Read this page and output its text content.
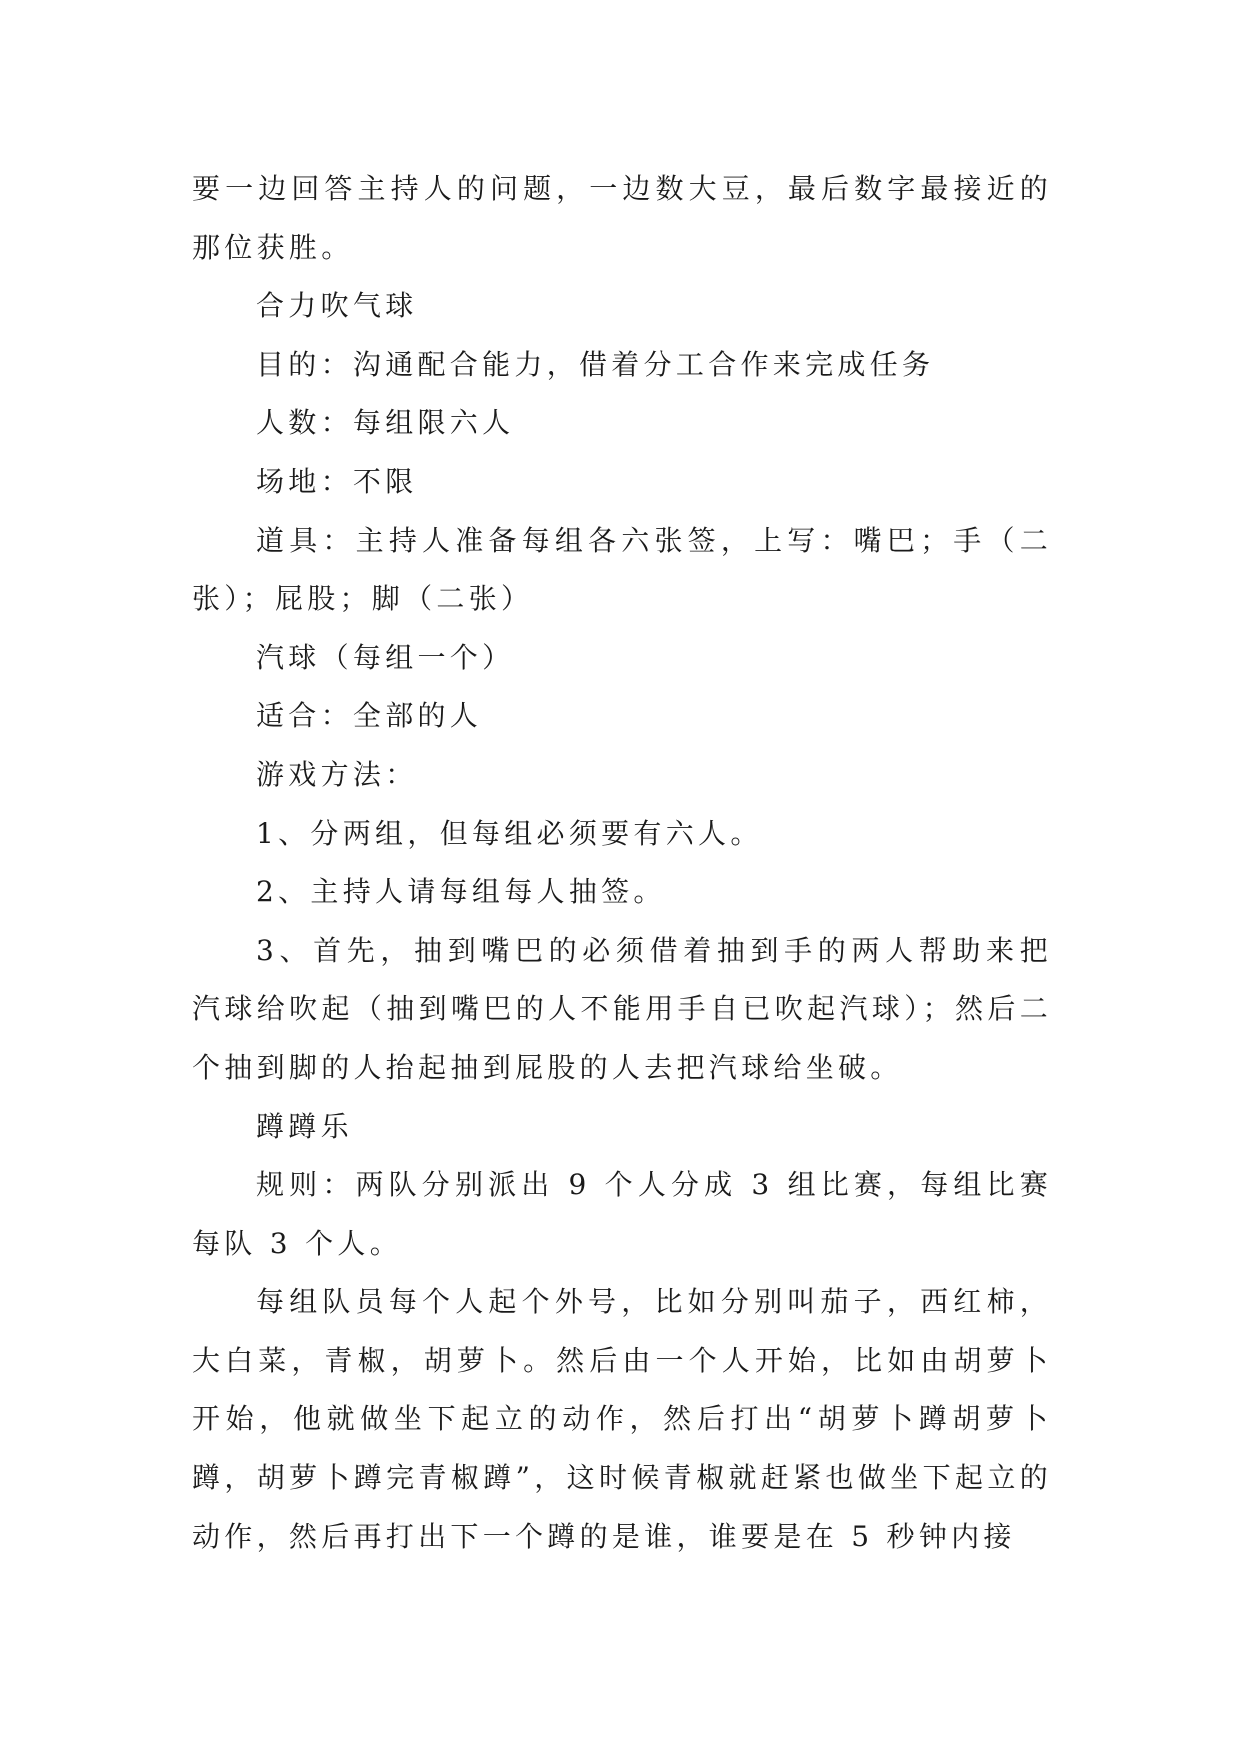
要一边回答主持人的问题，一边数大豆，最后数字最接近的那位获胜。

合力吹气球

目的：沟通配合能力，借着分工合作来完成任务

人数：每组限六人

场地：不限

道具：主持人准备每组各六张签，上写：嘴巴；手（二张）；屁股；脚（二张）

汽球（每组一个）

适合：全部的人

游戏方法：

1、分两组，但每组必须要有六人。

2、主持人请每组每人抽签。

3、首先，抽到嘴巴的必须借着抽到手的两人帮助来把汽球给吹起（抽到嘴巴的人不能用手自已吹起汽球）；然后二个抽到脚的人抬起抽到屁股的人去把汽球给坐破。

蹲蹲乐

规则：两队分别派出 9 个人分成 3 组比赛，每组比赛每队 3 个人。

每组队员每个人起个外号，比如分别叫茄子，西红柿，大白菜，青椒，胡萝卜。然后由一个人开始，比如由胡萝卜开始，他就做坐下起立的动作，然后打出“胡萝卜蹲胡萝卜蹲，胡萝卜蹲完青椒蹲”，这时候青椒就赶紧也做坐下起立的动作，然后再打出下一个蹲的是谁，谁要是在 5 秒钟内接
